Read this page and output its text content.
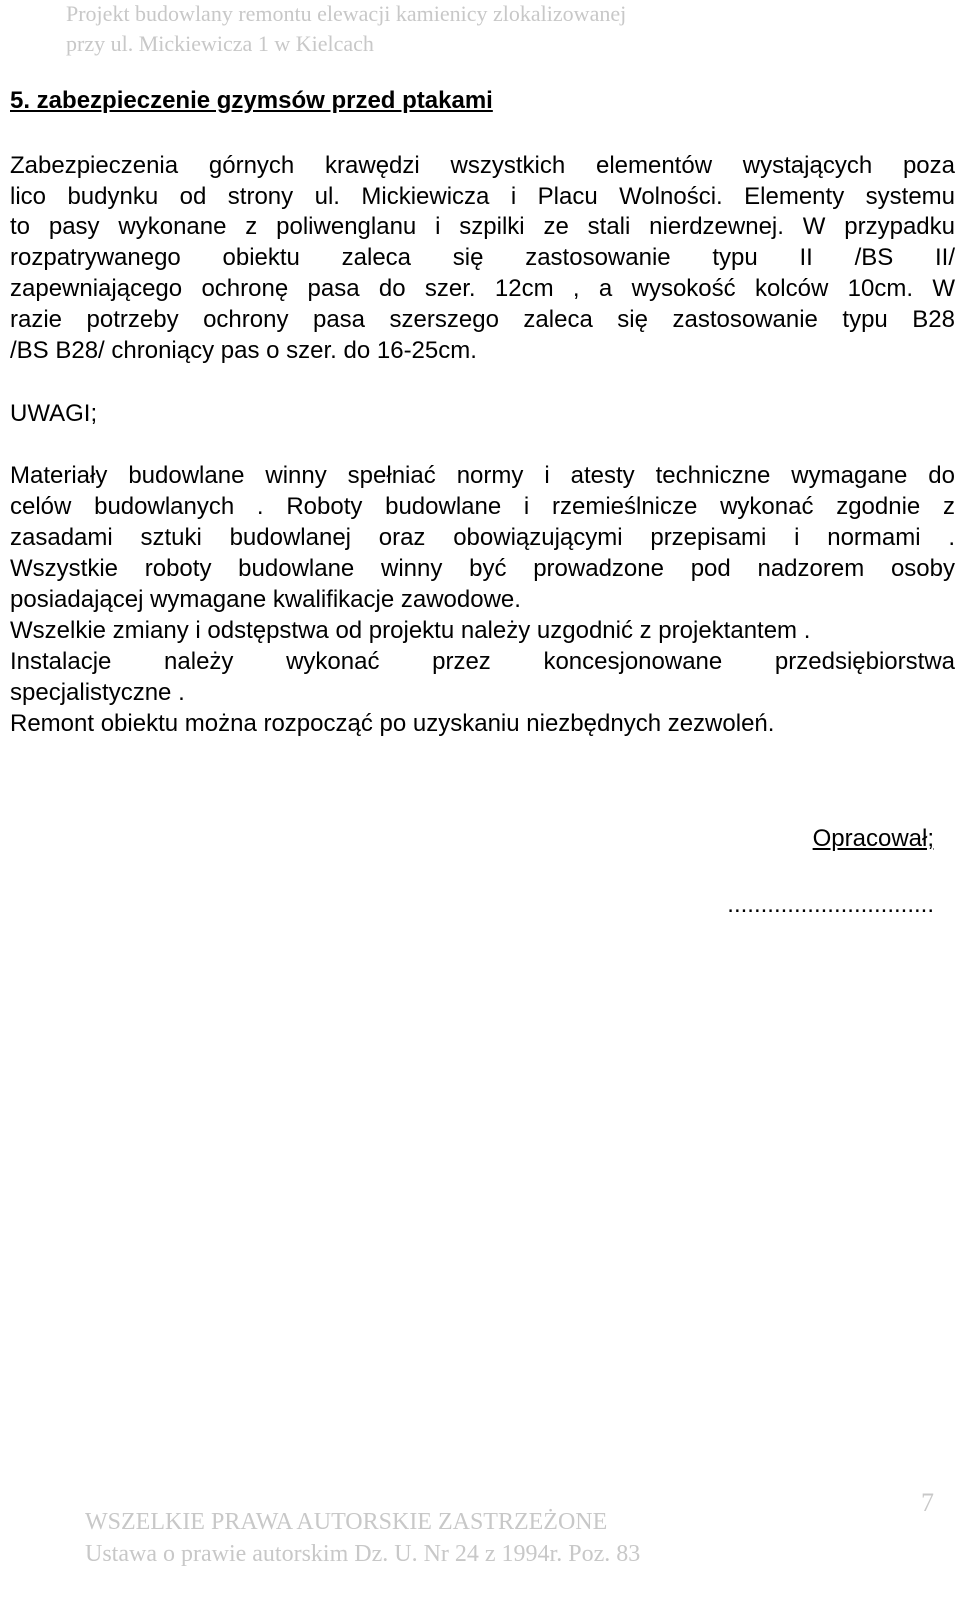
Projekt budowlany remontu elewacji kamienicy zlokalizowanej
przy ul. Mickiewicza 1 w Kielcach
5. zabezpieczenie gzymsów przed ptakami
Zabezpieczenia górnych krawędzi wszystkich elementów wystających poza
lico budynku od strony ul. Mickiewicza i Placu Wolności. Elementy systemu
to pasy wykonane z poliwenglanu i szpilki ze stali nierdzewnej. W przypadku
rozpatrywanego obiektu zaleca się zastosowanie typu II /BS II/
zapewniającego ochronę pasa do szer. 12cm , a wysokość kolców 10cm. W
razie potrzeby ochrony pasa szerszego zaleca się zastosowanie typu B28
/BS B28/ chroniący pas o szer. do 16-25cm.
UWAGI;
Materiały budowlane winny spełniać normy i atesty techniczne wymagane do
celów budowlanych . Roboty budowlane i rzemieślnicze wykonać zgodnie z
zasadami sztuki budowlanej oraz obowiązującymi przepisami i normami .
Wszystkie roboty budowlane winny być prowadzone pod nadzorem osoby
posiadającej wymagane kwalifikacje zawodowe.
Wszelkie zmiany i odstępstwa od projektu należy uzgodnić z projektantem .
Instalacje należy wykonać przez koncesjonowane przedsiębiorstwa
specjalistyczne .
Remont obiektu można rozpocząć po uzyskaniu niezbędnych zezwoleń.
Opracował;
...............................
7
WSZELKIE PRAWA AUTORSKIE ZASTRZEŻONE
Ustawa o prawie autorskim Dz. U. Nr 24 z 1994r. Poz. 83
